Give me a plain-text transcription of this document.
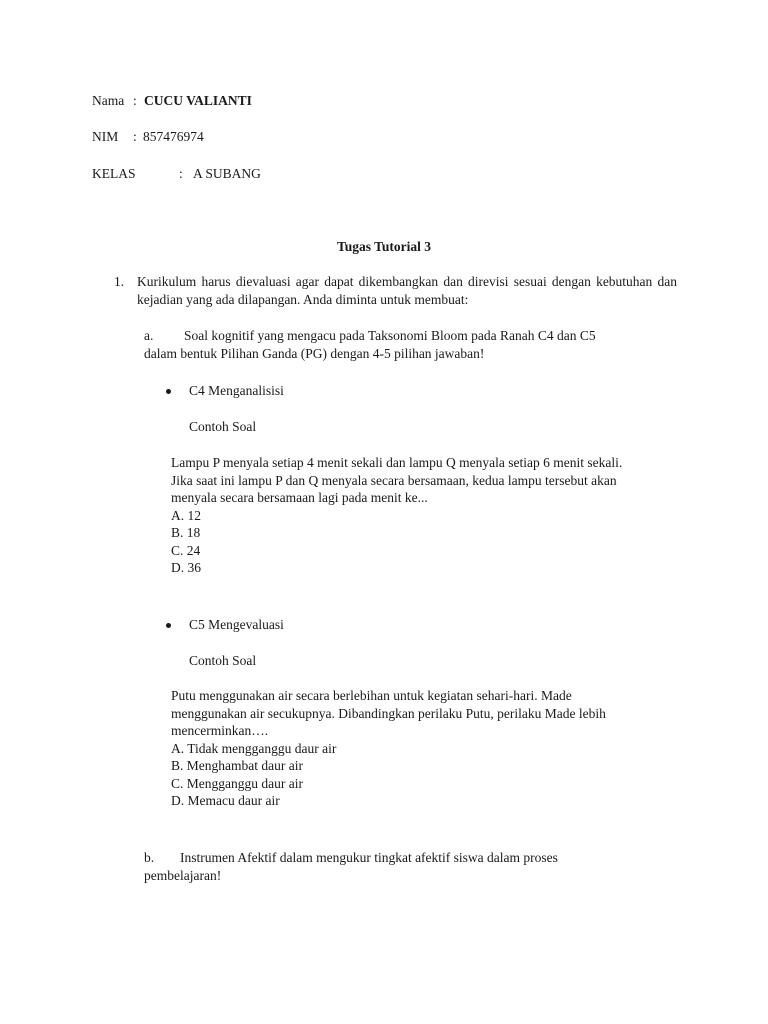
Nama : CUCU VALIANTI
NIM : 857476974
KELAS	: A SUBANG
Tugas Tutorial 3
1. Kurikulum harus dievaluasi agar dapat dikembangkan dan direvisi sesuai dengan kebutuhan dan kejadian yang ada dilapangan. Anda diminta untuk membuat:
a. Soal kognitif yang mengacu pada Taksonomi Bloom pada Ranah C4 dan C5
dalam bentuk Pilihan Ganda (PG) dengan 4-5 pilihan jawaban!
C4 Menganalisisi
Contoh Soal
Lampu P menyala setiap 4 menit sekali dan lampu Q menyala setiap 6 menit sekali.
Jika saat ini lampu P dan Q menyala secara bersamaan, kedua lampu tersebut akan
menyala secara bersamaan lagi pada menit ke...
A. 12
B. 18
C. 24
D. 36
C5 Mengevaluasi
Contoh Soal
Putu menggunakan air secara berlebihan untuk kegiatan sehari-hari. Made
menggunakan air secukupnya. Dibandingkan perilaku Putu, perilaku Made lebih
mencerminkan….
A. Tidak mengganggu daur air
B. Menghambat daur air
C. Mengganggu daur air
D. Memacu daur air
b. Instrumen Afektif dalam mengukur tingkat afektif siswa dalam proses
pembelajaran!
